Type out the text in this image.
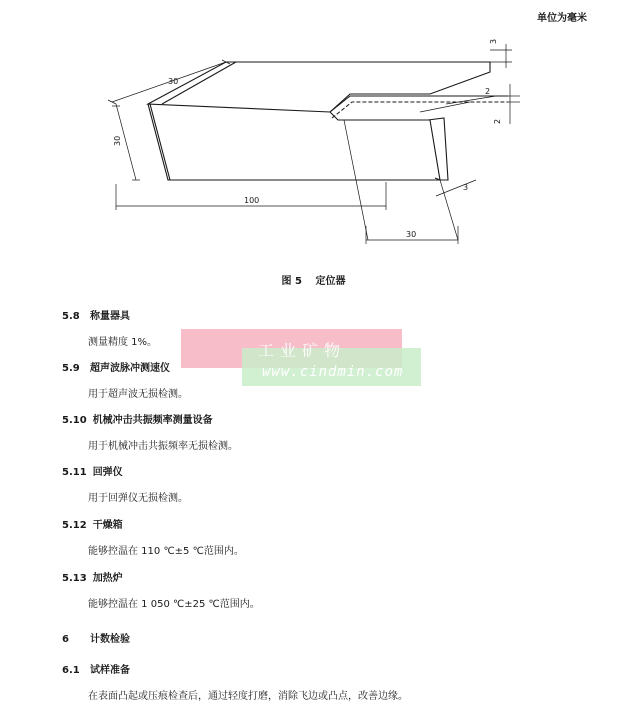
单位为毫米
30
30
100
30
3
2
2
3
图 5 定位器
5.8 称量器具
测量精度 1%。
5.9 超声波脉冲测速仪
用于超声波无损检测。
5.10 机械冲击共振频率测量设备
用于机械冲击共振频率无损检测。
5.11 回弹仪
用于回弹仪无损检测。
5.12 干燥箱
能够控温在 110 ℃±5 ℃范围内。
5.13 加热炉
能够控温在 1 050 ℃±25 ℃范围内。
6 计数检验
6.1 试样准备
在表面凸起或压痕检查后，通过轻度打磨，消除飞边或凸点，改善边缘。
工业矿物
www.cindmin.com
